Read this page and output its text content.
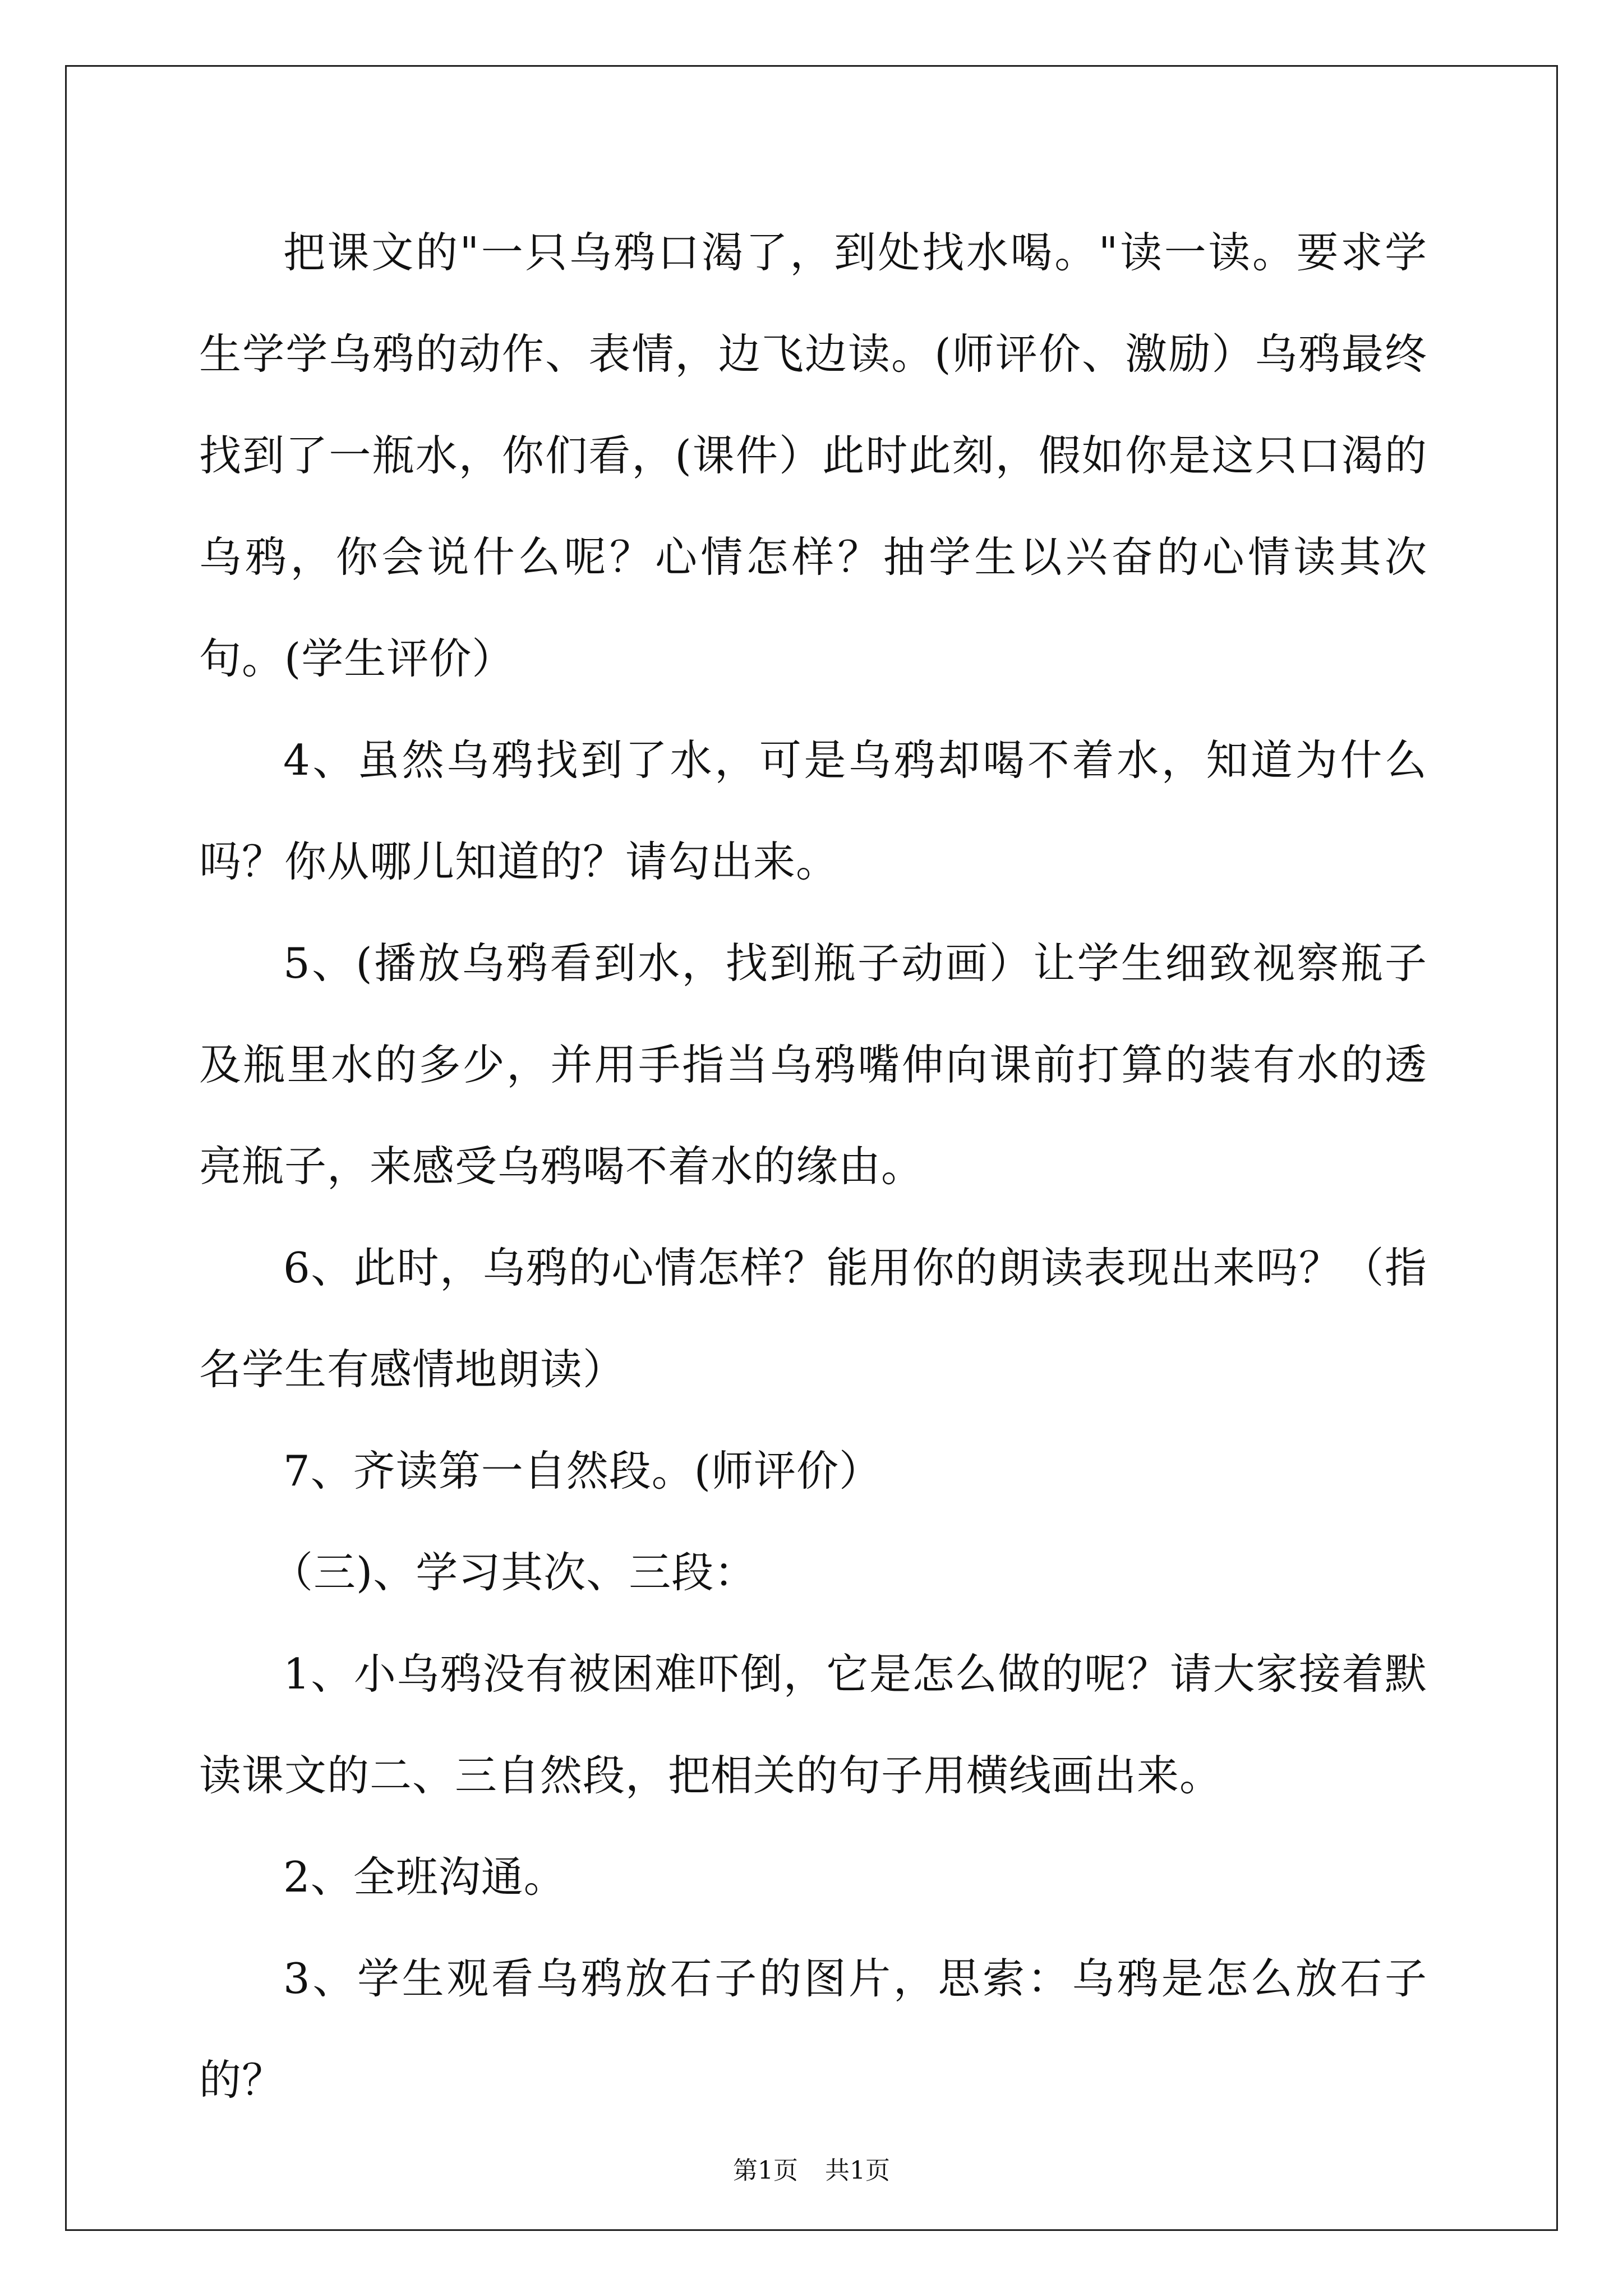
把课文的"一只乌鸦口渴了，到处找水喝。"读一读。要求学生学学乌鸦的动作、表情，边飞边读。(师评价、激励）乌鸦最终找到了一瓶水，你们看，(课件）此时此刻，假如你是这只口渴的乌鸦，你会说什么呢？心情怎样？抽学生以兴奋的心情读其次句。(学生评价）

4、虽然乌鸦找到了水，可是乌鸦却喝不着水，知道为什么吗？你从哪儿知道的？请勾出来。

5、(播放乌鸦看到水，找到瓶子动画）让学生细致视察瓶子及瓶里水的多少，并用手指当乌鸦嘴伸向课前打算的装有水的透亮瓶子，来感受乌鸦喝不着水的缘由。

6、此时，乌鸦的心情怎样？能用你的朗读表现出来吗？（指名学生有感情地朗读）

7、齐读第一自然段。(师评价）

（三)、学习其次、三段：

1、小乌鸦没有被困难吓倒，它是怎么做的呢？请大家接着默读课文的二、三自然段，把相关的句子用横线画出来。

2、全班沟通。

3、学生观看乌鸦放石子的图片，思索：乌鸦是怎么放石子的？

第1页 共1页
